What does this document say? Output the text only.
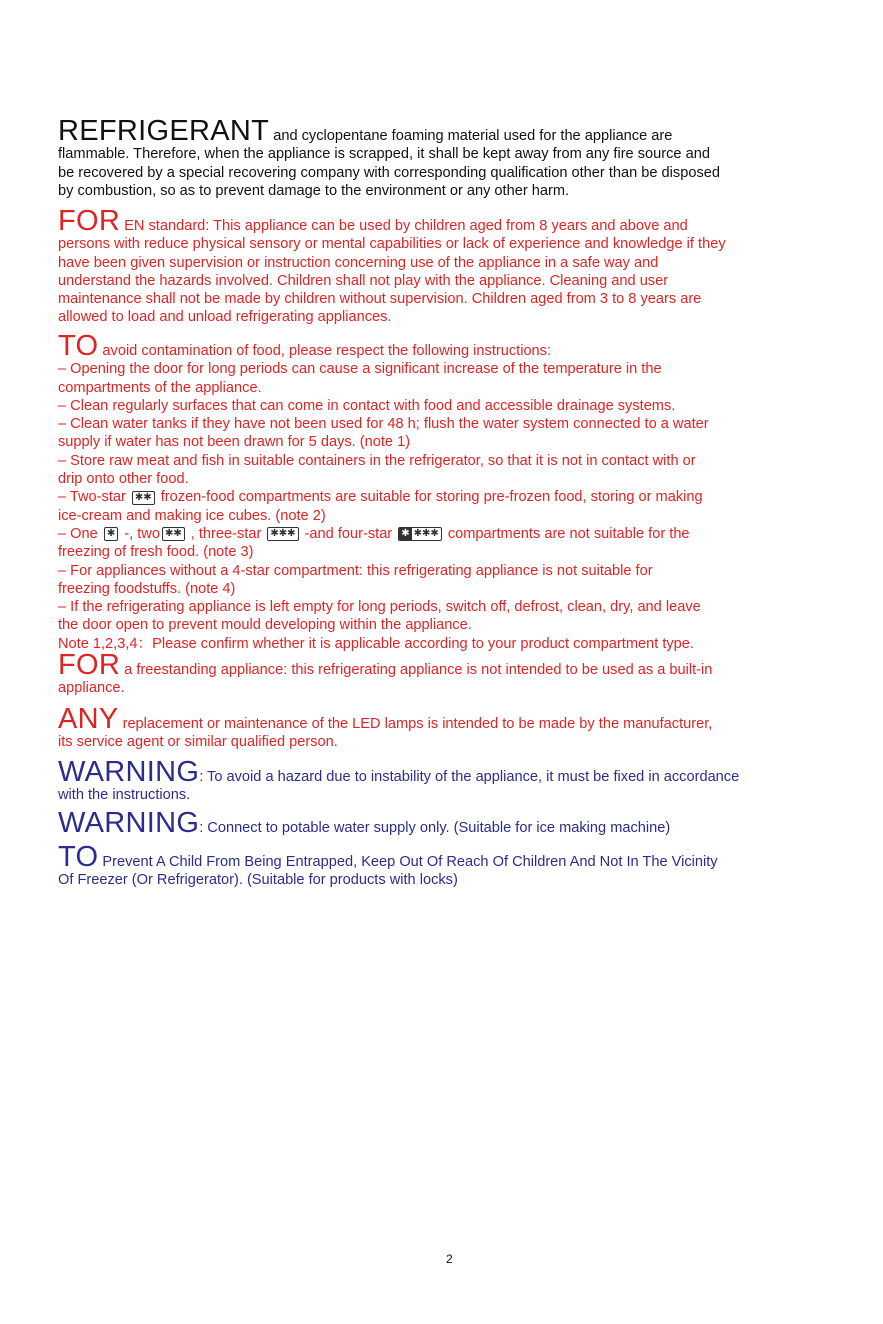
REFRIGERANT and cyclopentane foaming material used for the appliance are
flammable. Therefore, when the appliance is scrapped, it shall be kept away from any fire source and
be recovered by a special recovering company with corresponding qualification other than be disposed
by combustion, so as to prevent damage to the environment or any other harm.
FOR EN standard: This appliance can be used by children aged from 8 years and above and
persons with reduce physical sensory or mental capabilities or lack of experience and knowledge if they
have been given supervision or instruction concerning use of the appliance in a safe way and
understand the hazards involved. Children shall not play with the appliance. Cleaning and user
maintenance shall not be made by children without supervision. Children aged from 3 to 8 years are
allowed to load and unload refrigerating appliances.
TO avoid contamination of food, please respect the following instructions:
– Opening the door for long periods can cause a significant increase of the temperature in the
compartments of the appliance.
– Clean regularly surfaces that can come in contact with food and accessible drainage systems.
– Clean water tanks if they have not been used for 48 h; flush the water system connected to a water
supply if water has not been drawn for 5 days. (note 1)
– Store raw meat and fish in suitable containers in the refrigerator, so that it is not in contact with or
drip onto other food.
– Two-star ✱✱ frozen-food compartments are suitable for storing pre-frozen food, storing or making
ice-cream and making ice cubes. (note 2)
– One ✱ -, two ✱✱ , three-star ✱✱✱ -and four-star ✱ ✱✱✱ compartments are not suitable for the
freezing of fresh food. (note 3)
– For appliances without a 4-star compartment: this refrigerating appliance is not suitable for
freezing foodstuffs. (note 4)
– If the refrigerating appliance is left empty for long periods, switch off, defrost, clean, dry, and leave
the door open to prevent mould developing within the appliance.
Note 1,2,3,4：Please confirm whether it is applicable according to your product compartment type.
FOR a freestanding appliance: this refrigerating appliance is not intended to be used as a built-in
appliance.
ANY replacement or maintenance of the LED lamps is intended to be made by the manufacturer,
its service agent or similar qualified person.
WARNING: To avoid a hazard due to instability of the appliance, it must be fixed in accordance
with the instructions.
WARNING: Connect to potable water supply only. (Suitable for ice making machine)
TO Prevent A Child From Being Entrapped, Keep Out Of Reach Of Children And Not In The Vicinity
Of Freezer (Or Refrigerator). (Suitable for products with locks)
2
